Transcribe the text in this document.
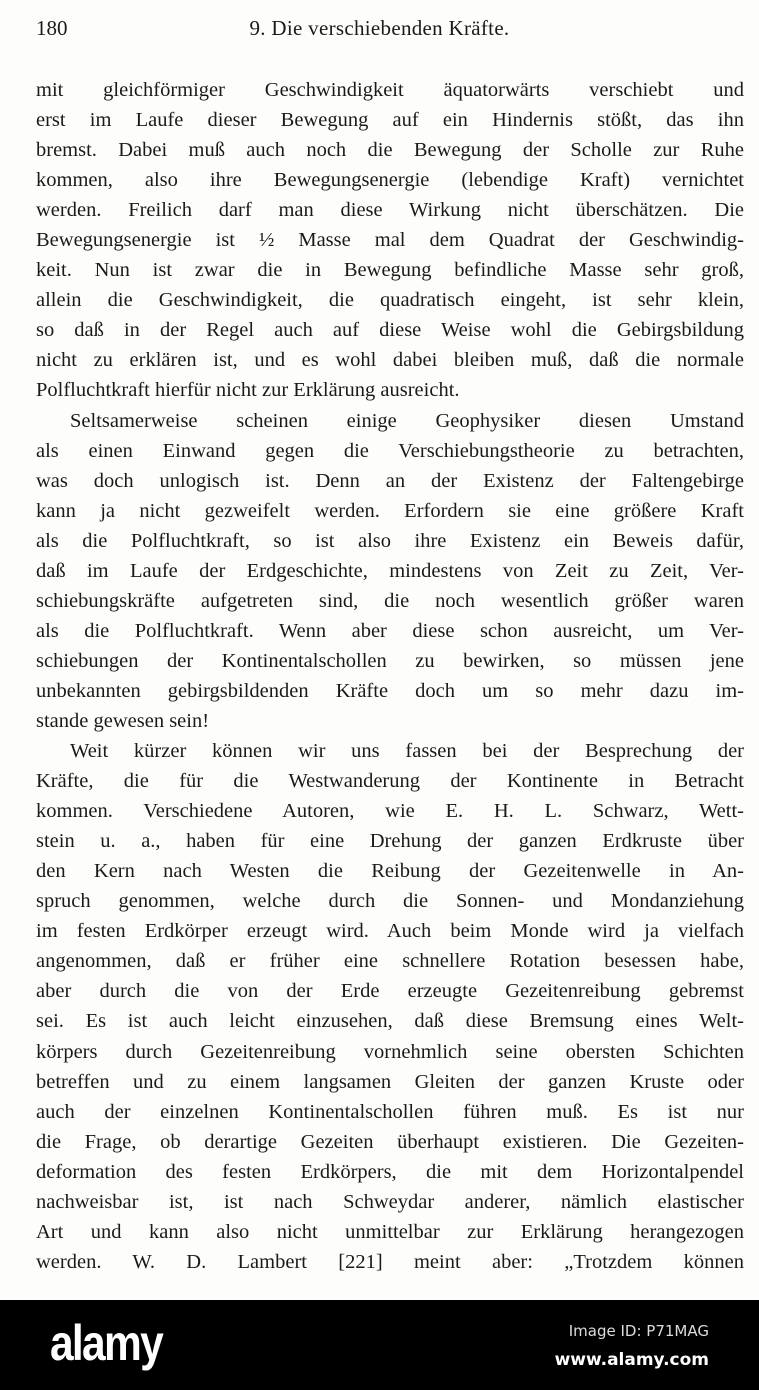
180	9. Die verschiebenden Kräfte.
mit gleichförmiger Geschwindigkeit äquatorwärts verschiebt und
erst im Laufe dieser Bewegung auf ein Hindernis stößt, das ihn
bremst. Dabei muß auch noch die Bewegung der Scholle zur Ruhe
kommen, also ihre Bewegungsenergie (lebendige Kraft) vernichtet
werden. Freilich darf man diese Wirkung nicht überschätzen. Die
Bewegungsenergie ist ½ Masse mal dem Quadrat der Geschwindig-
keit. Nun ist zwar die in Bewegung befindliche Masse sehr groß,
allein die Geschwindigkeit, die quadratisch eingeht, ist sehr klein,
so daß in der Regel auch auf diese Weise wohl die Gebirgsbildung
nicht zu erklären ist, und es wohl dabei bleiben muß, daß die normale
Polfluchtkraft hierfür nicht zur Erklärung ausreicht.
Seltsamerweise scheinen einige Geophysiker diesen Umstand
als einen Einwand gegen die Verschiebungstheorie zu betrachten,
was doch unlogisch ist. Denn an der Existenz der Faltengebirge
kann ja nicht gezweifelt werden. Erfordern sie eine größere Kraft
als die Polfluchtkraft, so ist also ihre Existenz ein Beweis dafür,
daß im Laufe der Erdgeschichte, mindestens von Zeit zu Zeit, Ver-
schiebungskräfte aufgetreten sind, die noch wesentlich größer waren
als die Polfluchtkraft. Wenn aber diese schon ausreicht, um Ver-
schiebungen der Kontinentalschollen zu bewirken, so müssen jene
unbekannten gebirgsbildenden Kräfte doch um so mehr dazu im-
stande gewesen sein!
Weit kürzer können wir uns fassen bei der Besprechung der
Kräfte, die für die Westwanderung der Kontinente in Betracht
kommen. Verschiedene Autoren, wie E. H. L. Schwarz, Wett-
stein u. a., haben für eine Drehung der ganzen Erdkruste über
den Kern nach Westen die Reibung der Gezeitenwelle in An-
spruch genommen, welche durch die Sonnen- und Mondanziehung
im festen Erdkörper erzeugt wird. Auch beim Monde wird ja vielfach
angenommen, daß er früher eine schnellere Rotation besessen habe,
aber durch die von der Erde erzeugte Gezeitenreibung gebremst
sei. Es ist auch leicht einzusehen, daß diese Bremsung eines Welt-
körpers durch Gezeitenreibung vornehmlich seine obersten Schichten
betreffen und zu einem langsamen Gleiten der ganzen Kruste oder
auch der einzelnen Kontinentalschollen führen muß. Es ist nur
die Frage, ob derartige Gezeiten überhaupt existieren. Die Gezeiten-
deformation des festen Erdkörpers, die mit dem Horizontalpendel
nachweisbar ist, ist nach Schweydar anderer, nämlich elastischer
Art und kann also nicht unmittelbar zur Erklärung herangezogen
werden. W. D. Lambert [221] meint aber: „Trotzdem können
alamy	Image ID: P71MAG
www.alamy.com
